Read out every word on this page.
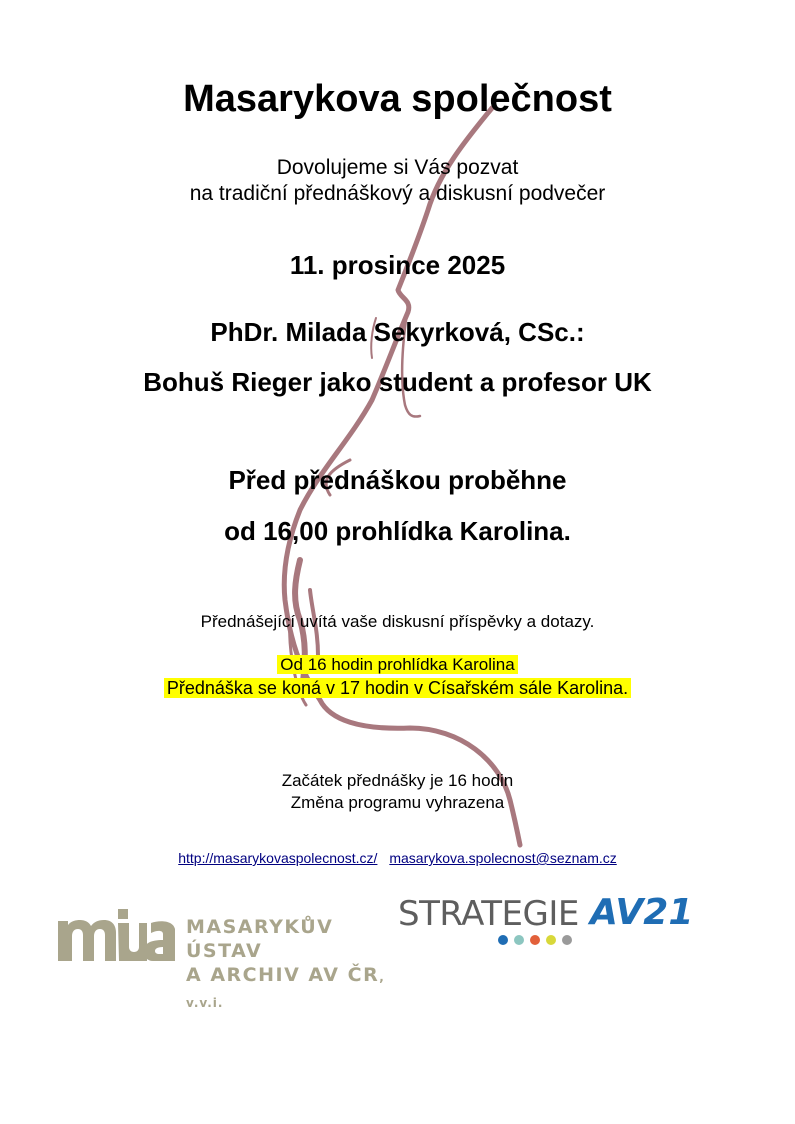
Masarykova společnost
Dovolujeme si Vás pozvat
na tradiční přednáškový a diskusní podvečer
11. prosince 2025
PhDr. Milada Sekyrková, CSc.:
Bohuš Rieger jako student a profesor UK
Před přednáškou proběhne
od 16,00 prohlídka Karolina.
Přednášející uvítá vaše diskusní příspěvky a dotazy.
Od 16 hodin prohlídka Karolina
Přednáška se koná v 17 hodin v Císařském sále Karolina.
Začátek přednášky je 16 hodin
Změna programu vyhrazena
http://masarykovaspolecnost.cz/ masarykova.spolecnost@seznam.cz
MASARYKŮV ÚSTAV
A ARCHIV AV ČR, v.v.i.
STRATEGIE AV21
